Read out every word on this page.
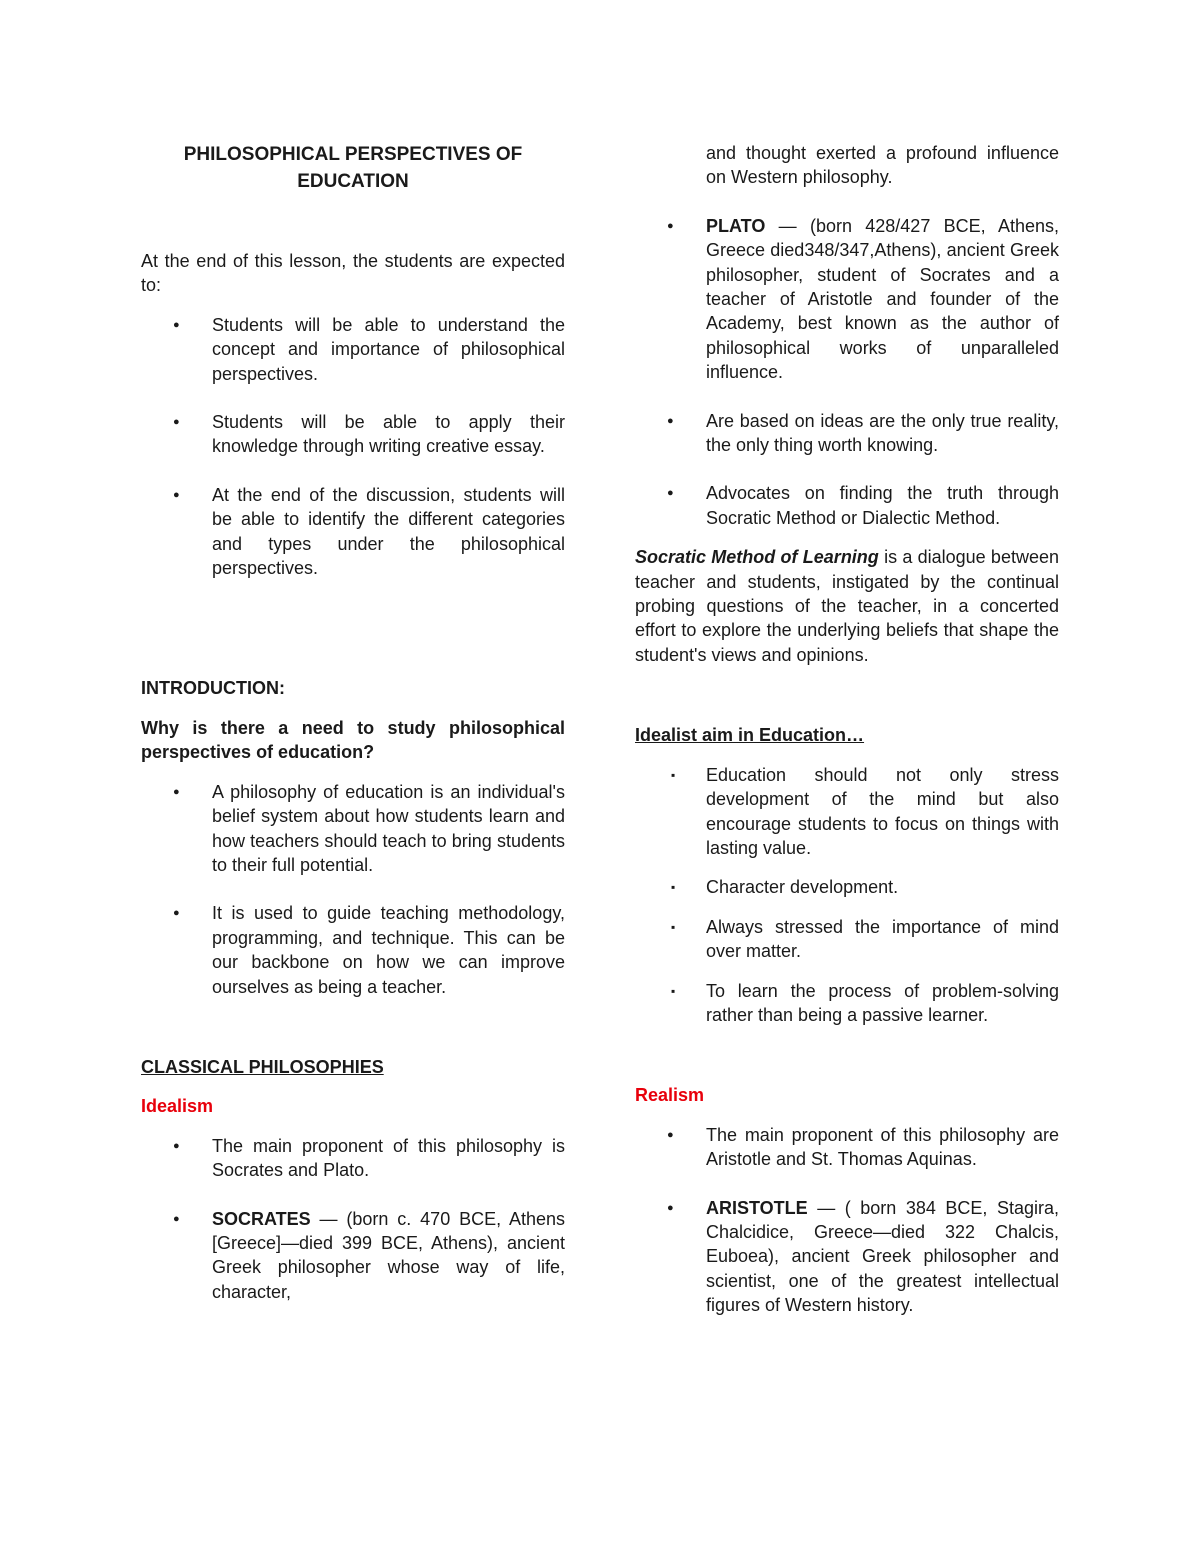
PHILOSOPHICAL PERSPECTIVES OF EDUCATION

At the end of this lesson, the students are expected to:

● Students will be able to understand the concept and importance of philosophical perspectives.
● Students will be able to apply their knowledge through writing creative essay.
● At the end of the discussion, students will be able to identify the different categories and types under the philosophical perspectives.

INTRODUCTION:

Why is there a need to study philosophical perspectives of education?

● A philosophy of education is an individual's belief system about how students learn and how teachers should teach to bring students to their full potential.
● It is used to guide teaching methodology, programming, and technique. This can be our backbone on how we can improve ourselves as being a teacher.

CLASSICAL PHILOSOPHIES

Idealism

● The main proponent of this philosophy is Socrates and Plato.
● SOCRATES — (born c. 470 BCE, Athens [Greece]—died 399 BCE, Athens), ancient Greek philosopher whose way of life, character,

and thought exerted a profound influence on Western philosophy.

● PLATO — (born 428/427 BCE, Athens, Greece died348/347,Athens), ancient Greek philosopher, student of Socrates and a teacher of Aristotle and founder of the Academy, best known as the author of philosophical works of unparalleled influence.
● Are based on ideas are the only true reality, the only thing worth knowing.
● Advocates on finding the truth through Socratic Method or Dialectic Method.

Socratic Method of Learning is a dialogue between teacher and students, instigated by the continual probing questions of the teacher, in a concerted effort to explore the underlying beliefs that shape the student's views and opinions.

Idealist aim in Education…

▪ Education should not only stress development of the mind but also encourage students to focus on things with lasting value.
▪ Character development.
▪ Always stressed the importance of mind over matter.
▪ To learn the process of problem-solving rather than being a passive learner.

Realism

● The main proponent of this philosophy are Aristotle and St. Thomas Aquinas.
● ARISTOTLE — ( born 384 BCE, Stagira, Chalcidice, Greece—died 322 Chalcis, Euboea), ancient Greek philosopher and scientist, one of the greatest intellectual figures of Western history.
